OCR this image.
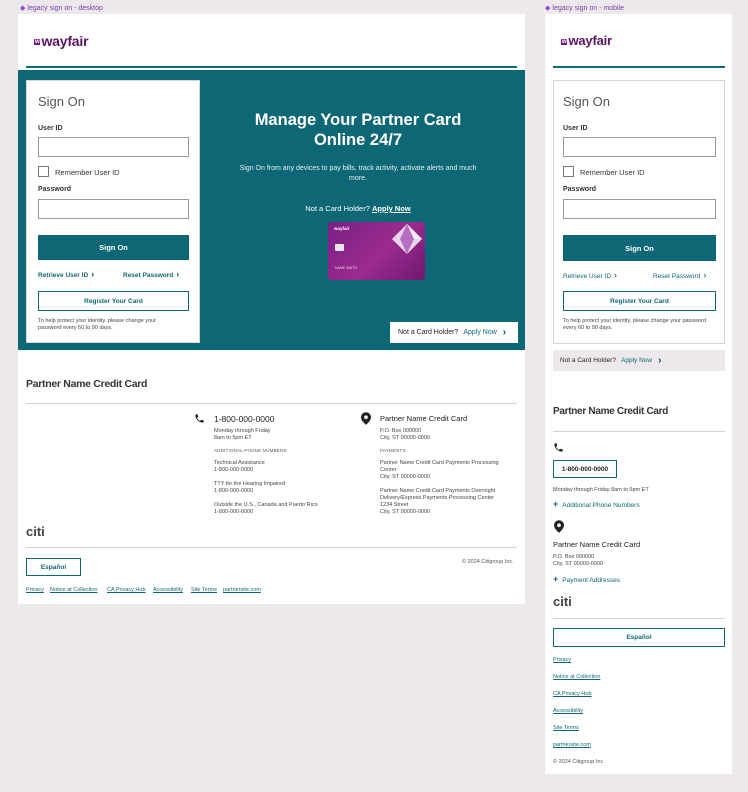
◆ legacy sign on - desktop	◆ legacy sign on - mobile
w wayfair
Sign On
User ID
Remember User ID
Password
Sign On
Retrieve User ID ›	Reset Password ›
Register Your Card
To help protect your identity, please change your password every 60 to 90 days.
Manage Your Partner Card Online 24/7
Sign On from any devices to pay bills, track activity, activate alerts and much more.
Not a Card Holder? Apply Now
wayfair
NAME SMITH
Not a Card Holder? Apply Now ›
Partner Name Credit Card
1-800-000-0000
Monday through Friday
8am to 5pm ET
ADDITIONAL PHONE NUMBERS
Technical Assistance
1-800-000-0000
TTY for the Hearing Impaired
1-800-000-0000
Outside the U.S., Canada and Puerto Rico
1-800-000-0000
Partner Name Credit Card
P.O. Box 000000
City, ST 00000-0000
PAYMENTS
Partner Name Credit Card Payments Processing
Center
City, ST 00000-0000
Partner Name Credit Card Payments Overnight
Delivery/Express Payments Processing Center
1234 Street
City, ST 00000-0000
citi
Español
© 2024 Citigroup Inc.
Privacy Notice at Collection CA Privacy Hub Accessibility Site Terms partnersite.com
w wayfair
Sign On
User ID
Remember User ID
Password
Sign On
Retrieve User ID ›	Reset Password ›
Register Your Card
To help protect your identity, please change your password every 60 to 90 days.
Not a Card Holder? Apply Now ›
Partner Name Credit Card
1-800-000-0000
Monday through Friday 8am to 5pm ET
+ Additional Phone Numbers
Partner Name Credit Card
P.O. Box 000000
City, ST 00000-0000
+ Payment Addresses
citi
Español
Privacy
Notice at Collection
CA Privacy Hub
Accessibility
Site Terms
partnersite.com
© 2024 Citigroup Inc.
